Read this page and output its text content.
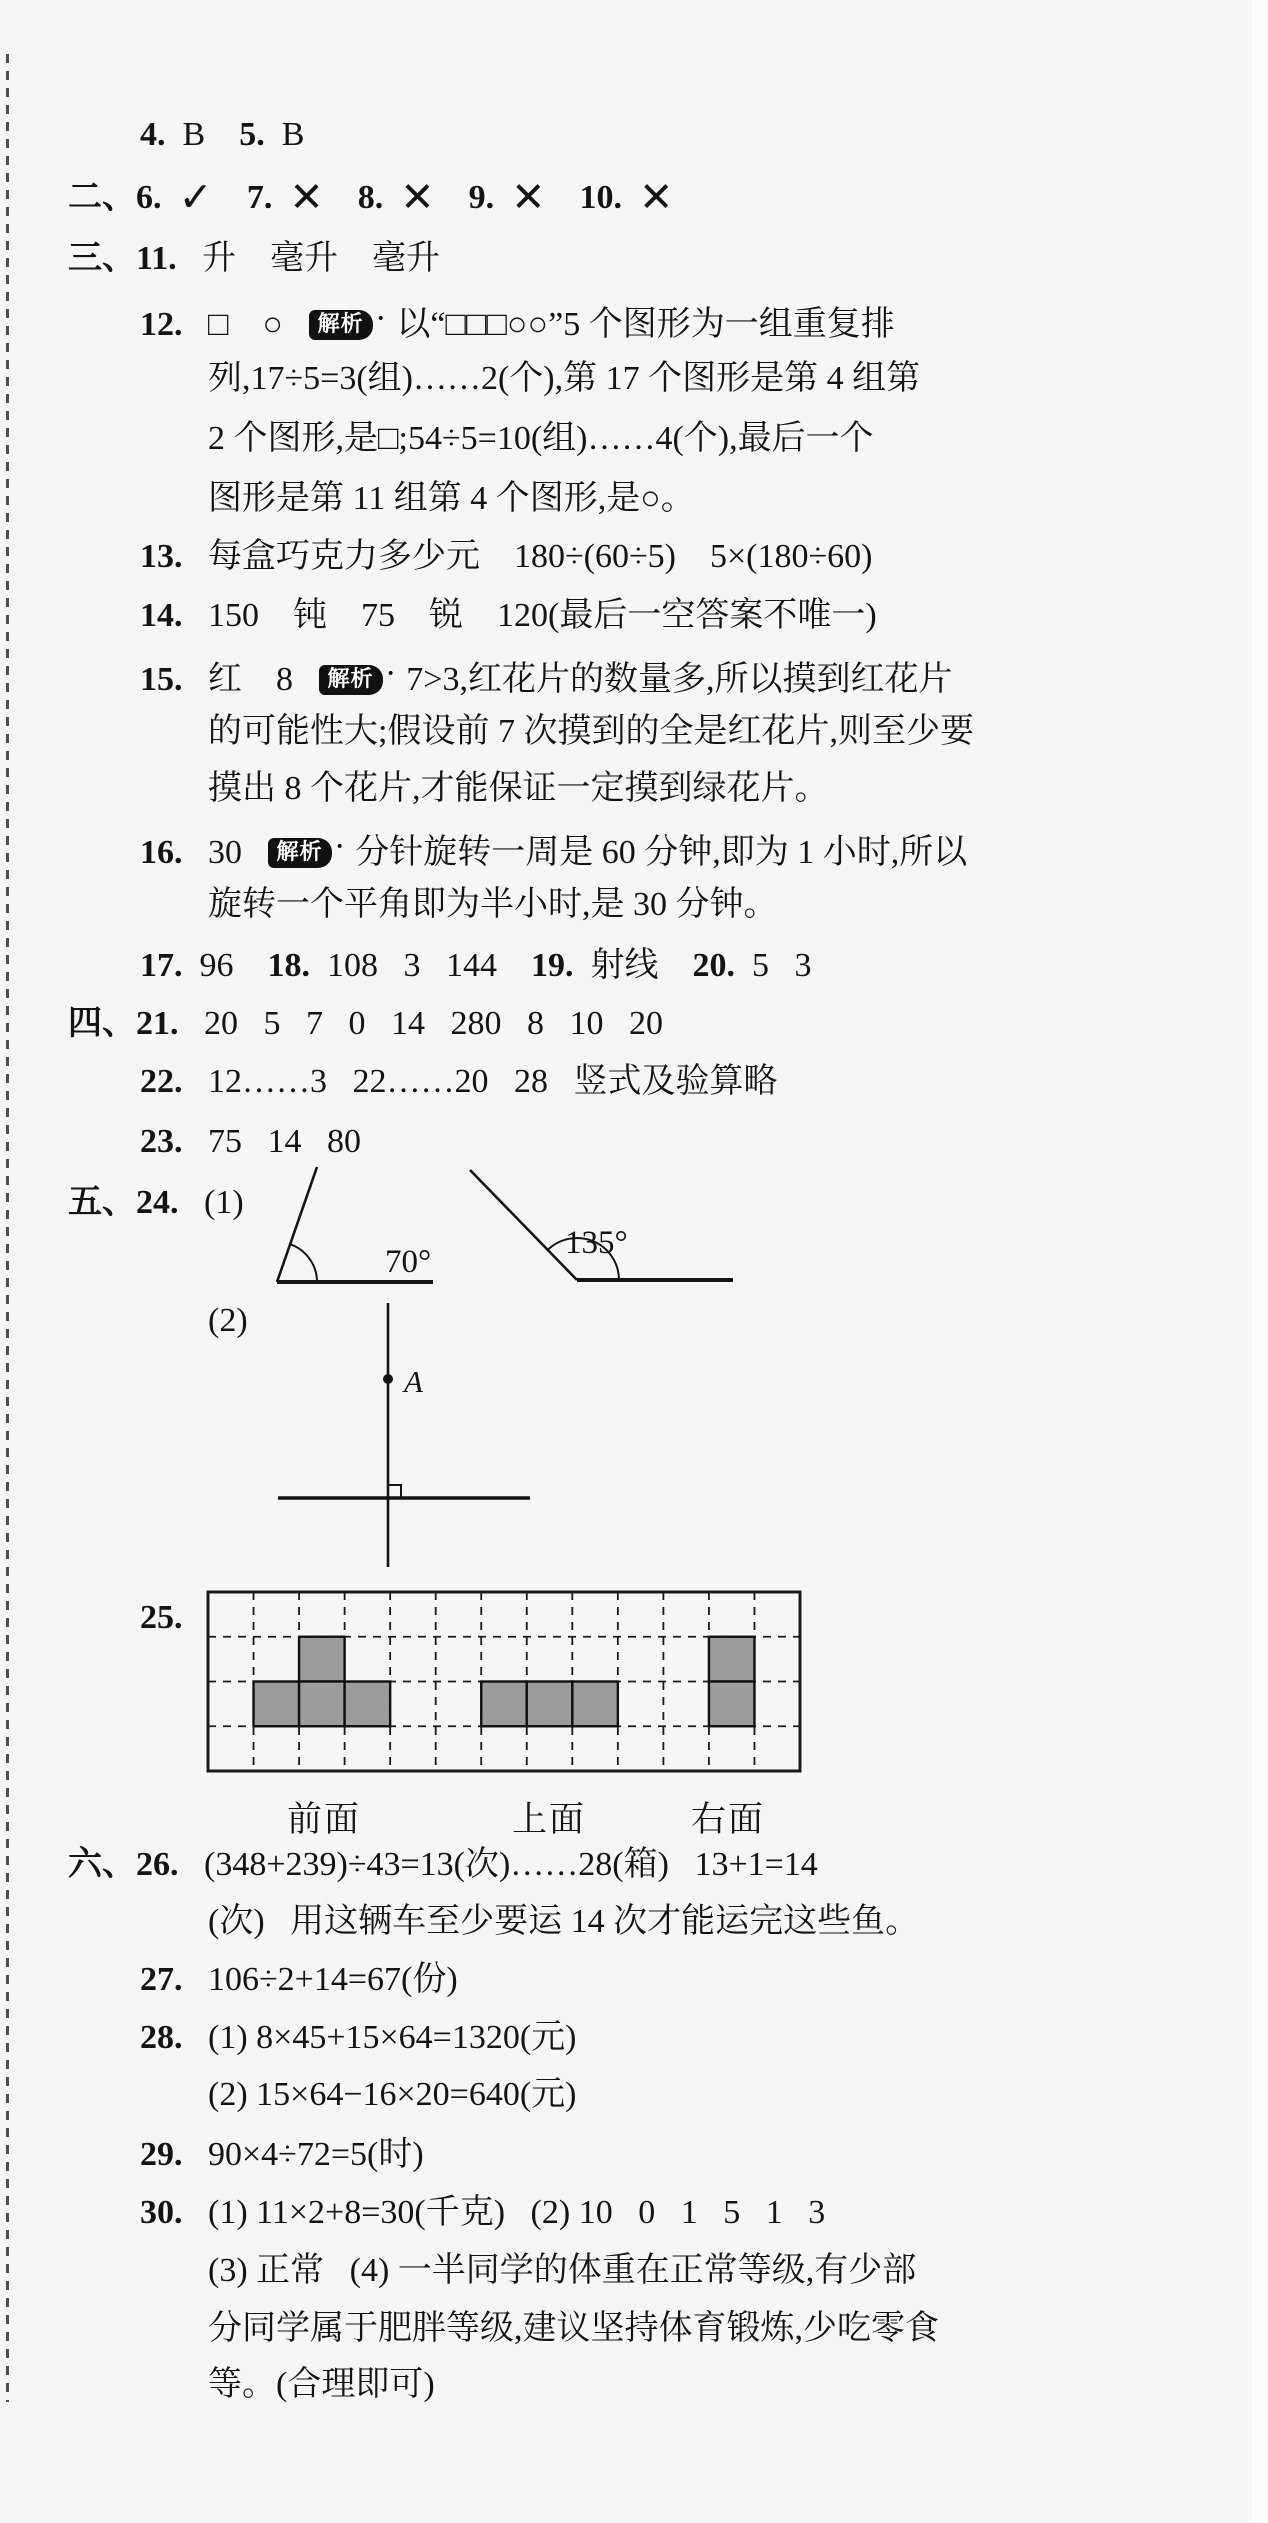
4.  B    5.  B
二、6. ✓ 7. ✕ 8. ✕ 9. ✕ 10. ✕
三、11.   升    毫升    毫升
12.   □    ○   解析 • 以“□□□○○”5 个图形为一组重复排
列,17÷5=3(组)……2(个),第 17 个图形是第 4 组第
2 个图形,是□;54÷5=10(组)……4(个),最后一个
图形是第 11 组第 4 个图形,是○。
13.   每盒巧克力多少元    180÷(60÷5)    5×(180÷60)
14.   150    钝    75    锐    120(最后一空答案不唯一)
15.   红    8   解析 • 7>3,红花片的数量多,所以摸到红花片
的可能性大;假设前 7 次摸到的全是红花片,则至少要
摸出 8 个花片,才能保证一定摸到绿花片。
16.   30   解析 • 分针旋转一周是 60 分钟,即为 1 小时,所以
旋转一个平角即为半小时,是 30 分钟。
17.  96    18.  108   3   144    19.  射线    20.  5   3
四、21.   20   5   7   0   14   280   8   10   20
22.   12……3   22……20   28   竖式及验算略
23.   75   14   80
五、24.   (1)
(2)
25.
六、26.   (348+239)÷43=13(次)……28(箱)   13+1=14
(次)   用这辆车至少要运 14 次才能运完这些鱼。
27.   106÷2+14=67(份)
28.   (1) 8×45+15×64=1320(元)
(2) 15×64−16×20=640(元)
29.   90×4÷72=5(时)
30.   (1) 11×2+8=30(千克)   (2) 10   0   1   5   1   3
(3) 正常   (4) 一半同学的体重在正常等级,有少部
分同学属于肥胖等级,建议坚持体育锻炼,少吃零食
等。(合理即可)
70°
135°
A
前面	上面	右面
